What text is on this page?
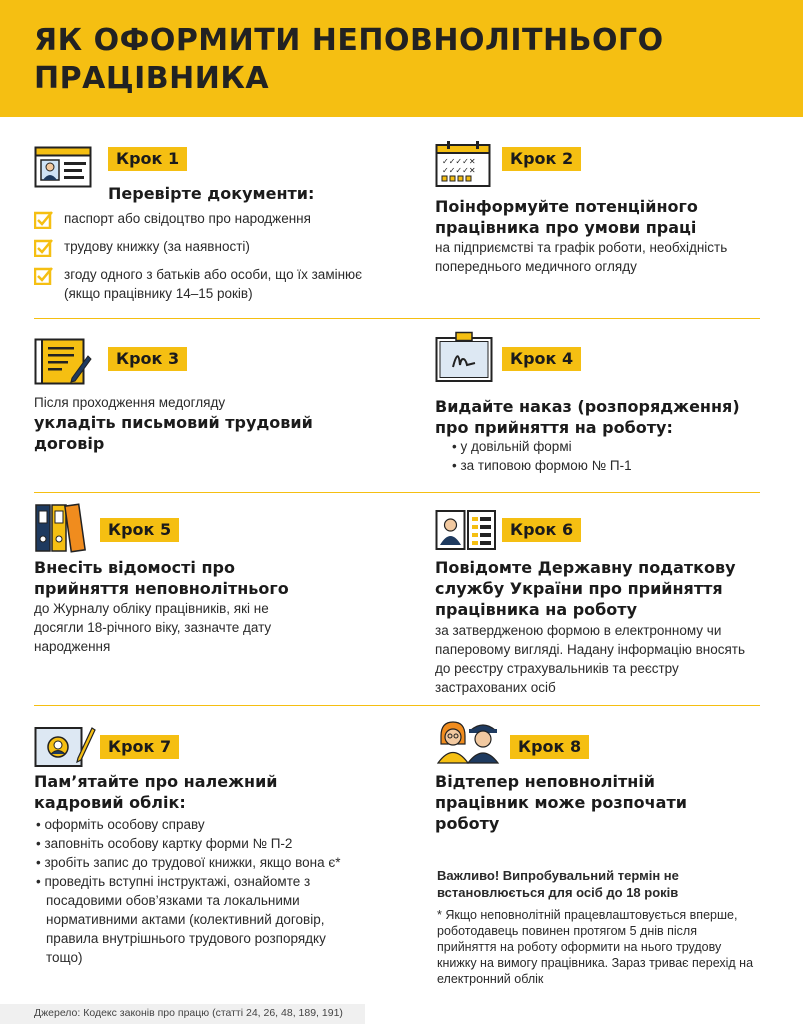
ЯК ОФОРМИТИ НЕПОВНОЛІТНЬОГО ПРАЦІВНИКА
Крок 1

Перевірте документи:

паспорт або свідоцтво про народження
трудову книжку (за наявності)
згоду одного з батьків або особи, що їх замінює (якщо працівнику 14–15 років)
✓✓✓✓✕
✓✓✓✓✕
Крок 2

Поінформуйте потенційного працівника про умови праці

на підприємстві та графік роботи, необхідність попереднього медичного огляду

Крок 3

Після проходження медогляду

укладіть письмовий трудовий договір

Крок 4

Видайте наказ (розпорядження) про прийняття на роботу:

• у довільній формі
• за типовою формою № П-1
Крок 5

Внесіть відомості про прийняття неповнолітнього

до Журналу обліку працівників, які не досягли 18-річного віку, зазначте дату народження

Крок 6

Повідомте Державну податкову службу України про прийняття працівника на роботу

за затвердженою формою в електронному чи паперовому вигляді. Надану інформацію вносять до реєстру страхувальників та реєстру застрахованих осіб

Крок 7

Пам’ятайте про належний кадровий облік:

• оформіть особову справу
• заповніть особову картку форми № П-2
• зробіть запис до трудової книжки, якщо вона є*
• проведіть вступні інструктажі, ознайомте з посадовими обов’язками та локальними нормативними актами (колективний договір, правила внутрішнього трудового розпорядку тощо)
Крок 8

Відтепер неповнолітній працівник може розпочати роботу

Важливо! Випробувальний термін не встановлюється для осіб до 18 років

* Якщо неповнолітній працевлаштовується вперше, роботодавець повинен протягом 5 днів після прийняття на роботу оформити на нього трудову книжку на вимогу працівника. Зараз триває перехід на електронний облік

Джерело: Кодекс законів про працю (статті 24, 26, 48, 189, 191)
